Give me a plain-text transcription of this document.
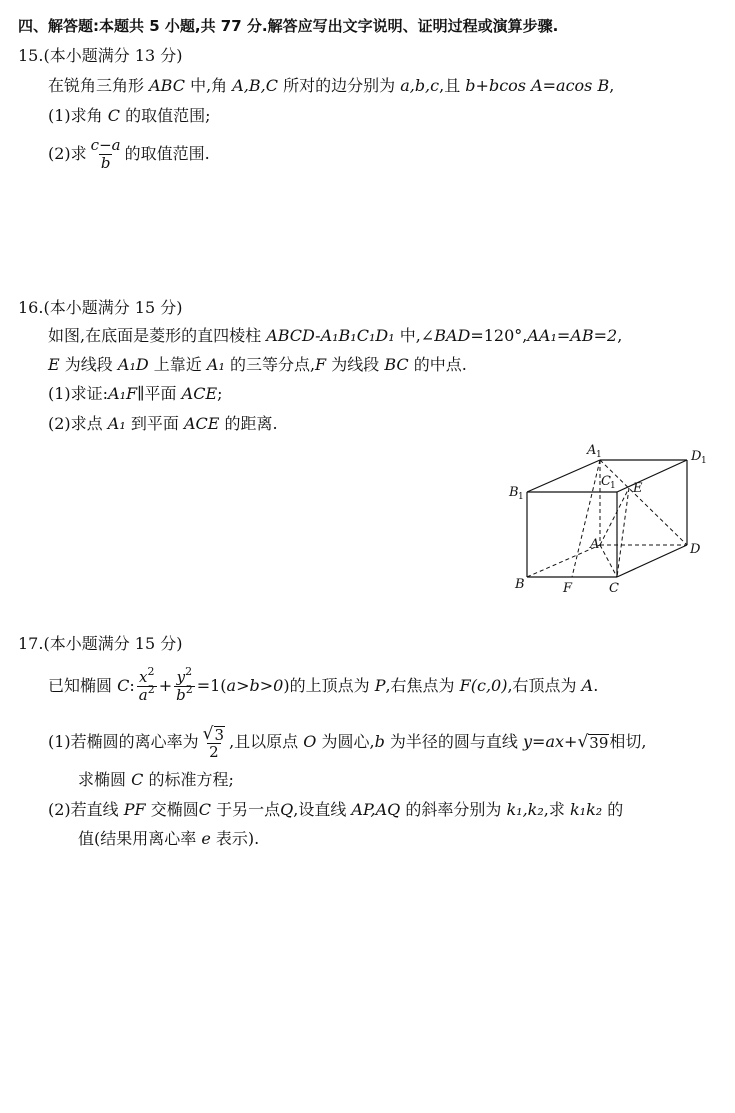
四、解答题:本题共 5 小题,共 77 分.解答应写出文字说明、证明过程或演算步骤.
15.(本小题满分 13 分)
在锐角三角形 ABC 中,角 A,B,C 所对的边分别为 a,b,c,且 b+bcos A=acos B,
(1)求角 C 的取值范围;
(2)求 $\frac{c-a}{b}$ 的取值范围.
16.(本小题满分 15 分)
如图,在底面是菱形的直四棱柱 ABCD-A₁B₁C₁D₁ 中,∠BAD=120°,AA₁=AB=2,
E 为线段 A₁D 上靠近 A₁ 的三等分点,F 为线段 BC 的中点.
(1)求证:A₁F∥平面 ACE;
(2)求点 A₁ 到平面 ACE 的距离.
A 1	D 1
B 1
C 1 E
A	D
B	F	C
17.(本小题满分 15 分)
已知椭圆 C: $\frac{x^2}{a^2} + \frac{y^2}{b^2} =1(a>b>0)$的上顶点为 P,右焦点为 F(c,0),右顶点为 A.
(1)若椭圆的离心率为 $\frac{√ 3}{2}$ ,且以原点 O 为圆心,b 为半径的圆与直线 y=ax+ √ 39 相切,
求椭圆 C 的标准方程;
(2)若直线 PF 交椭圆C 于另一点Q,设直线 AP,AQ 的斜率分别为 k₁,k₂,求 k₁k₂ 的
值(结果用离心率 e 表示).
